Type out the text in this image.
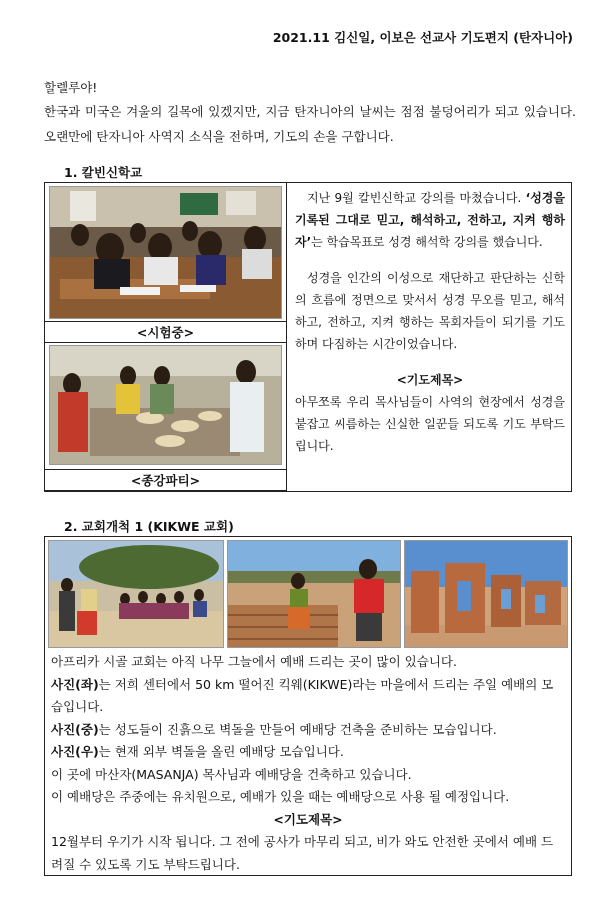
2021.11 김신일, 이보은 선교사 기도편지 (탄자니아)
할렐루야!
한국과 미국은 겨울의 길목에 있겠지만, 지금 탄자니아의 날씨는 점점 불덩어리가 되고 있습니다. 오랜만에 탄자니아 사역지 소식을 전하며, 기도의 손을 구합니다.
1. 칼빈신학교
<시험중>
<종강파티>

지난 9월 칼빈신학교 강의를 마쳤습니다. ‘성경을 기록된 그대로 믿고, 해석하고, 전하고, 지켜 행하자’는 학습목표로 성경 해석학 강의를 했습니다.

성경을 인간의 이성으로 재단하고 판단하는 신학의 흐름에 정면으로 맞서서 성경 무오를 믿고, 해석하고, 전하고, 지켜 행하는 목회자들이 되기를 기도하며 다짐하는 시간이었습니다.

<기도제목>

아무쪼록 우리 목사님들이 사역의 현장에서 성경을 붙잡고 씨름하는 신실한 일꾼들 되도록 기도 부탁드립니다.

2. 교회개척 1 (KIKWE 교회)

아프리카 시골 교회는 아직 나무 그늘에서 예배 드리는 곳이 많이 있습니다.

사진(좌)는 저희 센터에서 50 km 떨어진 킥웨(KIKWE)라는 마을에서 드리는 주일 예배의 모습입니다.

사진(중)는 성도들이 진흙으로 벽돌을 만들어 예배당 건축을 준비하는 모습입니다.

사진(우)는 현재 외부 벽돌을 올린 예배당 모습입니다.

이 곳에 마산자(MASANJA) 목사님과 예배당을 건축하고 있습니다.

이 예배당은 주중에는 유치원으로, 예배가 있을 때는 예배당으로 사용 될 예정입니다.

<기도제목>

12월부터 우기가 시작 됩니다. 그 전에 공사가 마무리 되고, 비가 와도 안전한 곳에서 예배 드려질 수 있도록 기도 부탁드립니다.
